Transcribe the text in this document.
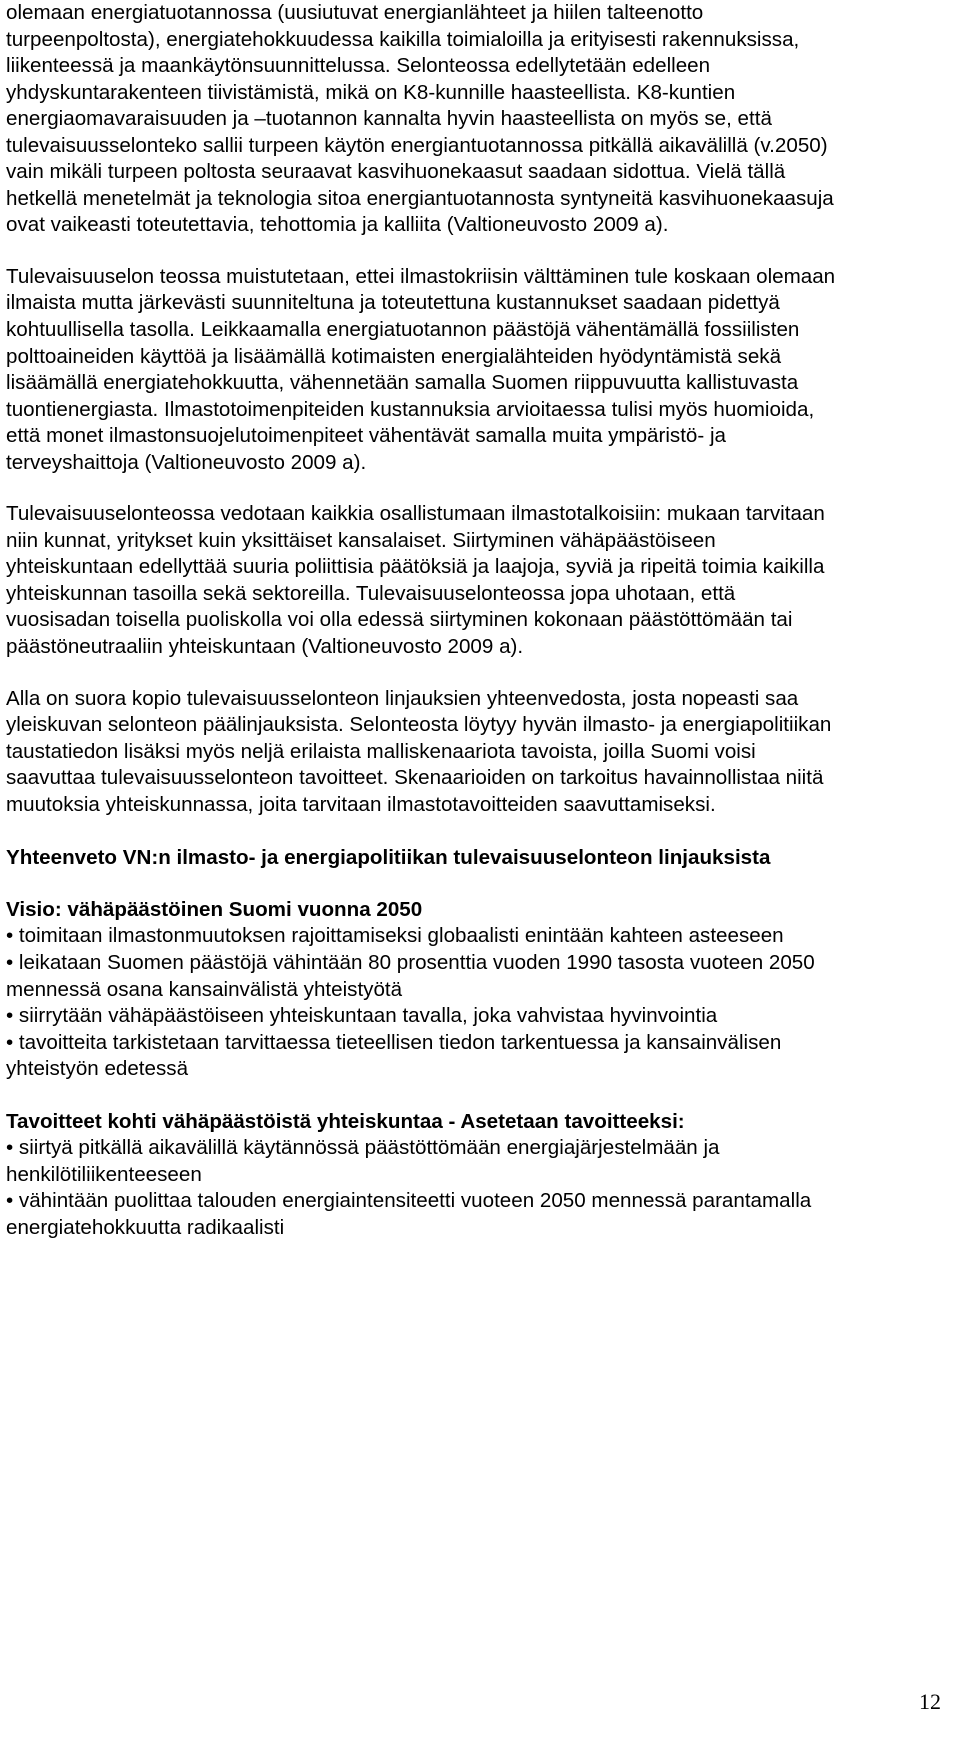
olemaan energiatuotannossa (uusiutuvat energianlähteet ja hiilen talteenotto turpeenpoltosta), energiatehokkuudessa kaikilla toimialoilla ja erityisesti rakennuksissa, liikenteessä ja maankäytönsuunnittelussa. Selonteossa edellytetään edelleen yhdyskuntarakenteen tiivistämistä, mikä on K8-kunnille haasteellista. K8-kuntien energiaomavaraisuuden ja –tuotannon kannalta hyvin haasteellista on myös se, että tulevaisuusselonteko sallii turpeen käytön energiantuotannossa pitkällä aikavälillä (v.2050) vain mikäli turpeen poltosta seuraavat kasvihuonekaasut saadaan sidottua. Vielä tällä hetkellä menetelmät ja teknologia sitoa energiantuotannosta syntyneitä kasvihuonekaasuja ovat vaikeasti toteutettavia, tehottomia ja kalliita (Valtioneuvosto 2009 a).

Tulevaisuuselon teossa muistutetaan, ettei ilmastokriisin välttäminen tule koskaan olemaan ilmaista mutta järkevästi suunniteltuna ja toteutettuna kustannukset saadaan pidettyä kohtuullisella tasolla. Leikkaamalla energiatuotannon päästöjä vähentämällä fossiilisten polttoaineiden käyttöä ja lisäämällä kotimaisten energialähteiden hyödyntämistä sekä lisäämällä energiatehokkuutta, vähennetään samalla Suomen riippuvuutta kallistuvasta tuontienergiasta. Ilmastotoimenpiteiden kustannuksia arvioitaessa tulisi myös huomioida, että monet ilmastonsuojelutoimenpiteet vähentävät samalla muita ympäristö- ja terveyshaittoja (Valtioneuvosto 2009 a).

Tulevaisuuselonteossa vedotaan kaikkia osallistumaan ilmastotalkoisiin: mukaan tarvitaan niin kunnat, yritykset kuin yksittäiset kansalaiset. Siirtyminen vähäpäästöiseen yhteiskuntaan edellyttää suuria poliittisia päätöksiä ja laajoja, syviä ja ripeitä toimia kaikilla yhteiskunnan tasoilla sekä sektoreilla. Tulevaisuuselonteossa jopa uhotaan, että vuosisadan toisella puoliskolla voi olla edessä siirtyminen kokonaan päästöttömään tai päästöneutraaliin yhteiskuntaan (Valtioneuvosto 2009 a).

Alla on suora kopio tulevaisuusselonteon linjauksien yhteenvedosta, josta nopeasti saa yleiskuvan selonteon päälinjauksista. Selonteosta löytyy hyvän ilmasto- ja energiapolitiikan taustatiedon lisäksi myös neljä erilaista malliskenaariota tavoista, joilla Suomi voisi saavuttaa tulevaisuusselonteon tavoitteet. Skenaarioiden on tarkoitus havainnollistaa niitä muutoksia yhteiskunnassa, joita tarvitaan ilmastotavoitteiden saavuttamiseksi.

Yhteenveto VN:n ilmasto- ja energiapolitiikan tulevaisuuselonteon linjauksista
Visio: vähäpäästöinen Suomi vuonna 2050
• toimitaan ilmastonmuutoksen rajoittamiseksi globaalisti enintään kahteen asteeseen
• leikataan Suomen päästöjä vähintään 80 prosenttia vuoden 1990 tasosta vuoteen 2050 mennessä osana kansainvälistä yhteistyötä
• siirrytään vähäpäästöiseen yhteiskuntaan tavalla, joka vahvistaa hyvinvointia
• tavoitteita tarkistetaan tarvittaessa tieteellisen tiedon tarkentuessa ja kansainvälisen yhteistyön edetessä
Tavoitteet kohti vähäpäästöistä yhteiskuntaa - Asetetaan tavoitteeksi:
• siirtyä pitkällä aikavälillä käytännössä päästöttömään energiajärjestelmään ja henkilötiliikenteeseen
• vähintään puolittaa talouden energiaintensiteetti vuoteen 2050 mennessä parantamalla energiatehokkuutta radikaalisti
12
